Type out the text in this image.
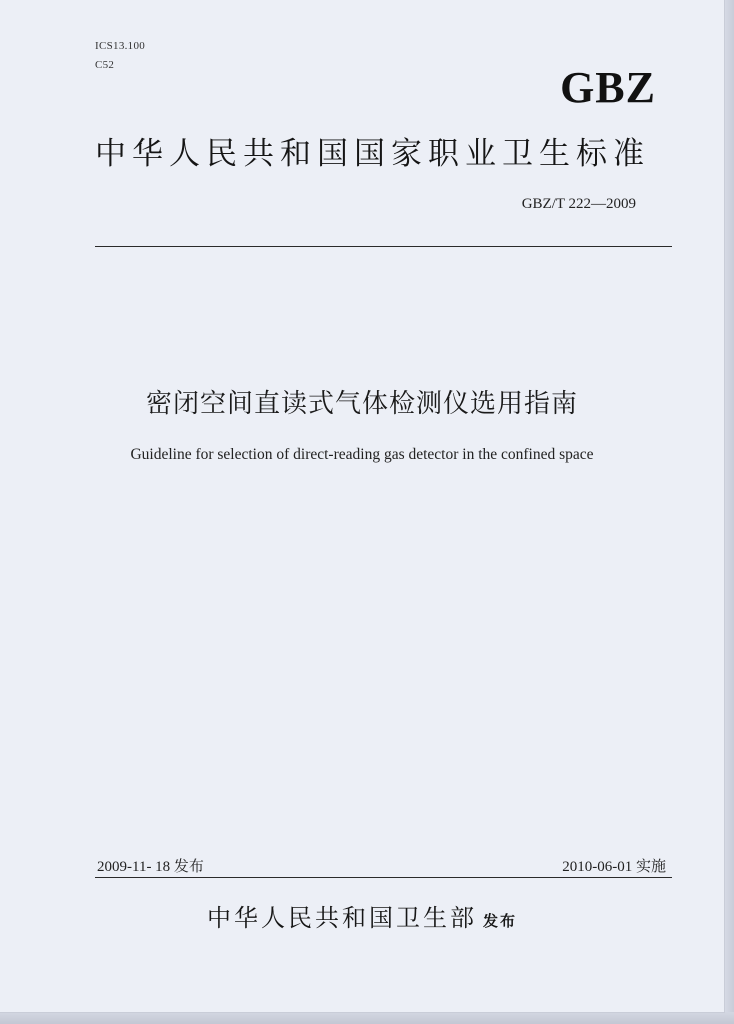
ICS13.100
C52	GBZ
中华人民共和国国家职业卫生标准
GBZ/T 222—2009
密闭空间直读式气体检测仪选用指南
Guideline for selection of direct-reading gas detector in the confined space
2009-11- 18 发布	2010-06-01 实施
中华人民共和国卫生部 发布
